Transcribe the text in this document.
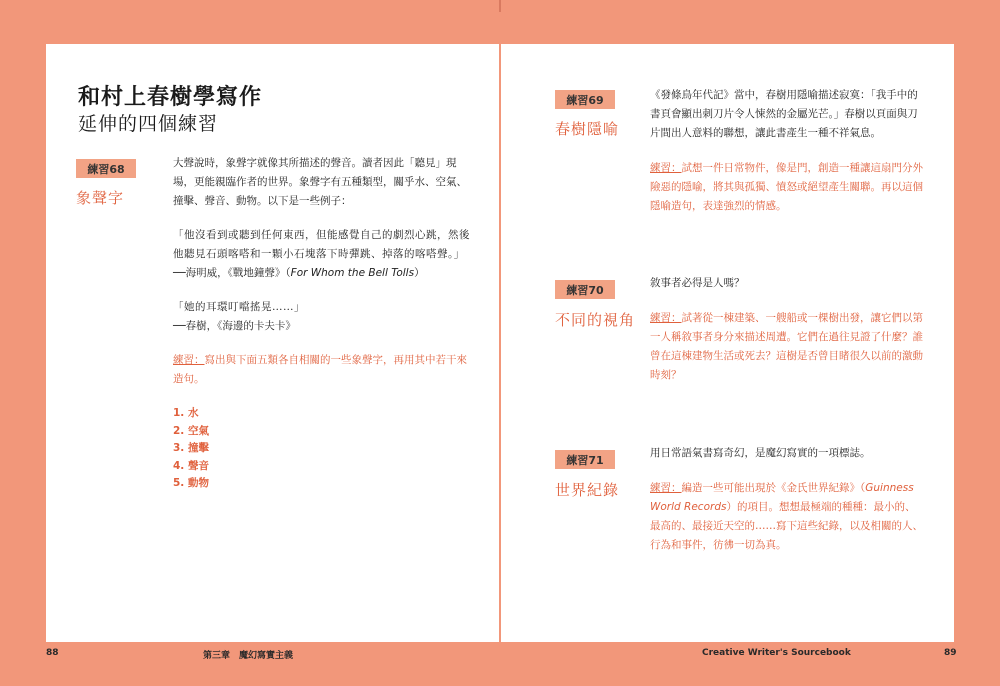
和村上春樹學寫作
延伸的四個練習
練習68
象聲字

大聲說時，象聲字就像其所描述的聲音。讀者因此「聽見」現場，更能親臨作者的世界。象聲字有五種類型，關乎水、空氣、撞擊、聲音、動物。以下是一些例子：

「他沒看到或聽到任何東西，但能感覺自己的劇烈心跳，然後他聽見石頭喀嗒和一顆小石塊落下時彈跳、掉落的喀嗒聲。」

──海明威，《戰地鐘聲》（For Whom the Bell Tolls）

「她的耳環叮噹搖晃……」

──春樹，《海邊的卡夫卡》

練習：寫出與下面五類各自相關的一些象聲字，再用其中若干來造句。

1. 水
2. 空氣
3. 撞擊
4. 聲音
5. 動物
練習69
春樹隱喻

《發條鳥年代記》當中，春樹用隱喻描述寂寞：「我手中的書頁會顯出刺刀片令人悚然的金屬光芒。」春樹以頁面與刀片間出人意料的聯想，讓此書產生一種不祥氣息。

練習：試想一件日常物件，像是門，創造一種讓這扇門分外險惡的隱喻，將其與孤獨、憤怒或絕望產生關聯。再以這個隱喻造句，表達強烈的情感。

練習70
不同的視角

敘事者必得是人嗎？

練習：試著從一棟建築、一艘船或一棵樹出發，讓它們以第一人稱敘事者身分來描述周遭。它們在過往見證了什麼？誰曾在這棟建物生活或死去？這樹是否曾目睹很久以前的激動時刻？

練習71
世界紀錄

用日常語氣書寫奇幻，是魔幻寫實的一項標誌。

練習：編造一些可能出現於《金氏世界紀錄》（Guinness World Records）的項目。想想最極端的種種：最小的、最高的、最接近天空的……寫下這些紀錄，以及相關的人、行為和事件，彷彿一切為真。

88	第三章　魔幻寫實主義	Creative Writer's Sourcebook	89
